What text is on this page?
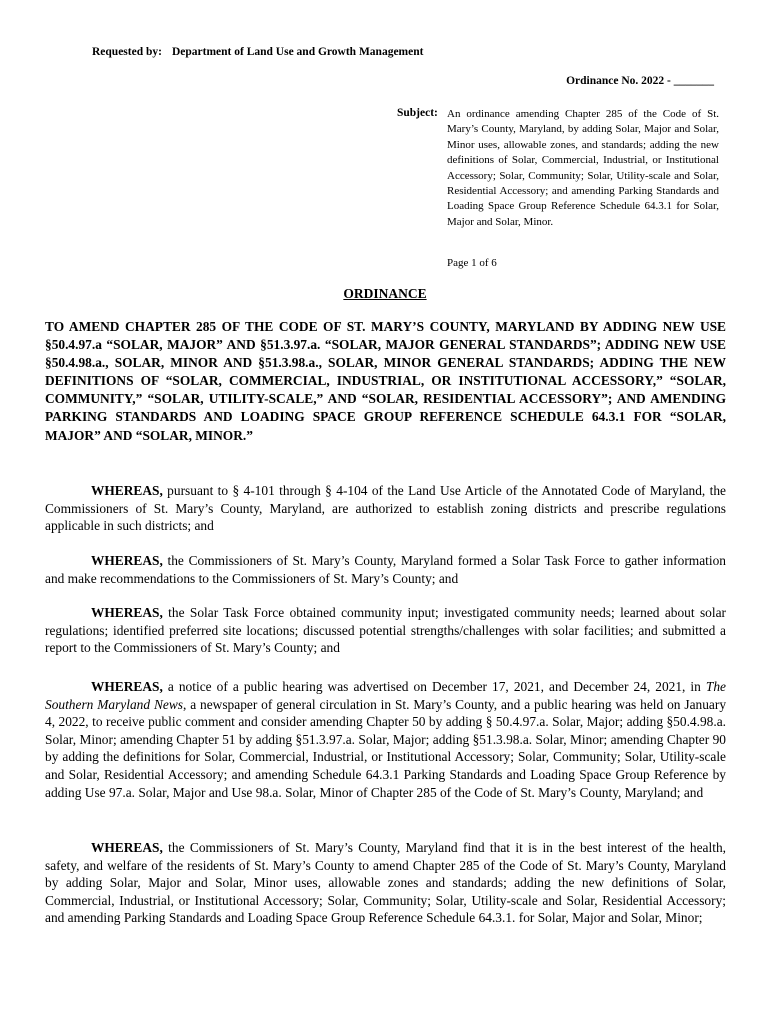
Requested by: Department of Land Use and Growth Management
Ordinance No. 2022 - _______
Subject: An ordinance amending Chapter 285 of the Code of St. Mary’s County, Maryland, by adding Solar, Major and Solar, Minor uses, allowable zones, and standards; adding the new definitions of Solar, Commercial, Industrial, or Institutional Accessory; Solar, Community; Solar, Utility-scale and Solar, Residential Accessory; and amending Parking Standards and Loading Space Group Reference Schedule 64.3.1 for Solar, Major and Solar, Minor.
Page 1 of 6
ORDINANCE
TO AMEND CHAPTER 285 OF THE CODE OF ST. MARY’S COUNTY, MARYLAND BY ADDING NEW USE §50.4.97.a “SOLAR, MAJOR” AND §51.3.97.a. “SOLAR, MAJOR GENERAL STANDARDS”; ADDING NEW USE §50.4.98.a., SOLAR, MINOR AND §51.3.98.a., SOLAR, MINOR GENERAL STANDARDS; ADDING THE NEW DEFINITIONS OF “SOLAR, COMMERCIAL, INDUSTRIAL, OR INSTITUTIONAL ACCESSORY,” “SOLAR, COMMUNITY,” “SOLAR, UTILITY-SCALE,” AND “SOLAR, RESIDENTIAL ACCESSORY”; AND AMENDING PARKING STANDARDS AND LOADING SPACE GROUP REFERENCE SCHEDULE 64.3.1 FOR “SOLAR, MAJOR” AND “SOLAR, MINOR.”

WHEREAS, pursuant to § 4-101 through § 4-104 of the Land Use Article of the Annotated Code of Maryland, the Commissioners of St. Mary’s County, Maryland, are authorized to establish zoning districts and prescribe regulations applicable in such districts; and

WHEREAS, the Commissioners of St. Mary’s County, Maryland formed a Solar Task Force to gather information and make recommendations to the Commissioners of St. Mary’s County; and

WHEREAS, the Solar Task Force obtained community input; investigated community needs; learned about solar regulations; identified preferred site locations; discussed potential strengths/challenges with solar facilities; and submitted a report to the Commissioners of St. Mary’s County; and

WHEREAS, a notice of a public hearing was advertised on December 17, 2021, and December 24, 2021, in The Southern Maryland News, a newspaper of general circulation in St. Mary’s County, and a public hearing was held on January 4, 2022, to receive public comment and consider amending Chapter 50 by adding § 50.4.97.a. Solar, Major; adding §50.4.98.a. Solar, Minor; amending Chapter 51 by adding §51.3.97.a. Solar, Major; adding §51.3.98.a. Solar, Minor; amending Chapter 90 by adding the definitions for Solar, Commercial, Industrial, or Institutional Accessory; Solar, Community; Solar, Utility-scale and Solar, Residential Accessory; and amending Schedule 64.3.1 Parking Standards and Loading Space Group Reference by adding Use 97.a. Solar, Major and Use 98.a. Solar, Minor of Chapter 285 of the Code of St. Mary’s County, Maryland; and

WHEREAS, the Commissioners of St. Mary’s County, Maryland find that it is in the best interest of the health, safety, and welfare of the residents of St. Mary’s County to amend Chapter 285 of the Code of St. Mary’s County, Maryland by adding Solar, Major and Solar, Minor uses, allowable zones and standards; adding the new definitions of Solar, Commercial, Industrial, or Institutional Accessory; Solar, Community; Solar, Utility-scale and Solar, Residential Accessory; and amending Parking Standards and Loading Space Group Reference Schedule 64.3.1. for Solar, Major and Solar, Minor;
